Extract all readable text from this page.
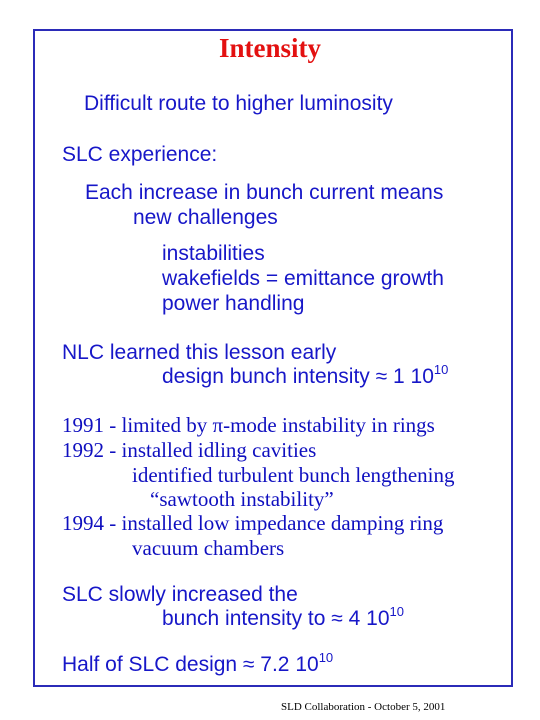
Intensity

Difficult route to higher luminosity

SLC experience:

Each increase in bunch current means

new challenges

instabilities

wakefields = emittance growth

power handling

NLC learned this lesson early

design bunch intensity ≈ 1 $10^{10}$

1991 - limited by π-mode instability in rings

1992 - installed idling cavities

identified turbulent bunch lengthening

“sawtooth instability”

1994 - installed low impedance damping ring

vacuum chambers

SLC slowly increased the

bunch intensity to ≈ 4 $10^{10}$

Half of SLC design ≈ 7.2 $10^{10}$

SLD Collaboration - October 5, 2001
